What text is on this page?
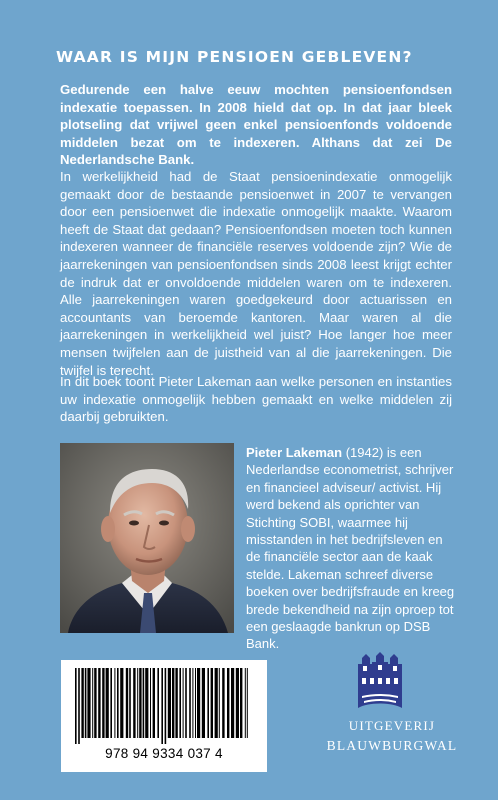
WAAR IS MIJN PENSIOEN GEBLEVEN?
Gedurende een halve eeuw mochten pensioenfondsen indexatie toepassen. In 2008 hield dat op. In dat jaar bleek plotseling dat vrijwel geen enkel pensioenfonds voldoende middelen bezat om te indexeren. Althans dat zei De Nederlandsche Bank.
In werkelijkheid had de Staat pensioenindexatie onmogelijk gemaakt door de bestaande pensioenwet in 2007 te vervangen door een pensioenwet die indexatie onmogelijk maakte. Waarom heeft de Staat dat gedaan? Pensioenfondsen moeten toch kunnen indexeren wanneer de financiële reserves voldoende zijn? Wie de jaarrekeningen van pensioenfondsen sinds 2008 leest krijgt echter de indruk dat er onvoldoende middelen waren om te indexeren. Alle jaarrekeningen waren goedgekeurd door actuarissen en accountants van beroemde kantoren. Maar waren al die jaarrekeningen in werkelijkheid wel juist? Hoe langer hoe meer mensen twijfelen aan de juistheid van al die jaarrekeningen. Die twijfel is terecht.
In dit boek toont Pieter Lakeman aan welke personen en instanties uw indexatie onmogelijk hebben gemaakt en welke middelen zij daarbij gebruikten.
Pieter Lakeman (1942) is een Nederlandse econometrist, schrijver en financieel adviseur/ activist. Hij werd bekend als oprichter van Stichting SOBI, waarmee hij misstanden in het bedrijfsleven en de financiële sector aan de kaak stelde. Lakeman schreef diverse boeken over bedrijfsfraude en kreeg brede bekendheid na zijn oproep tot een geslaagde bankrun op DSB Bank.
978 94 9334 037 4
UITGEVERIJ
BLAUWBURGWAL
